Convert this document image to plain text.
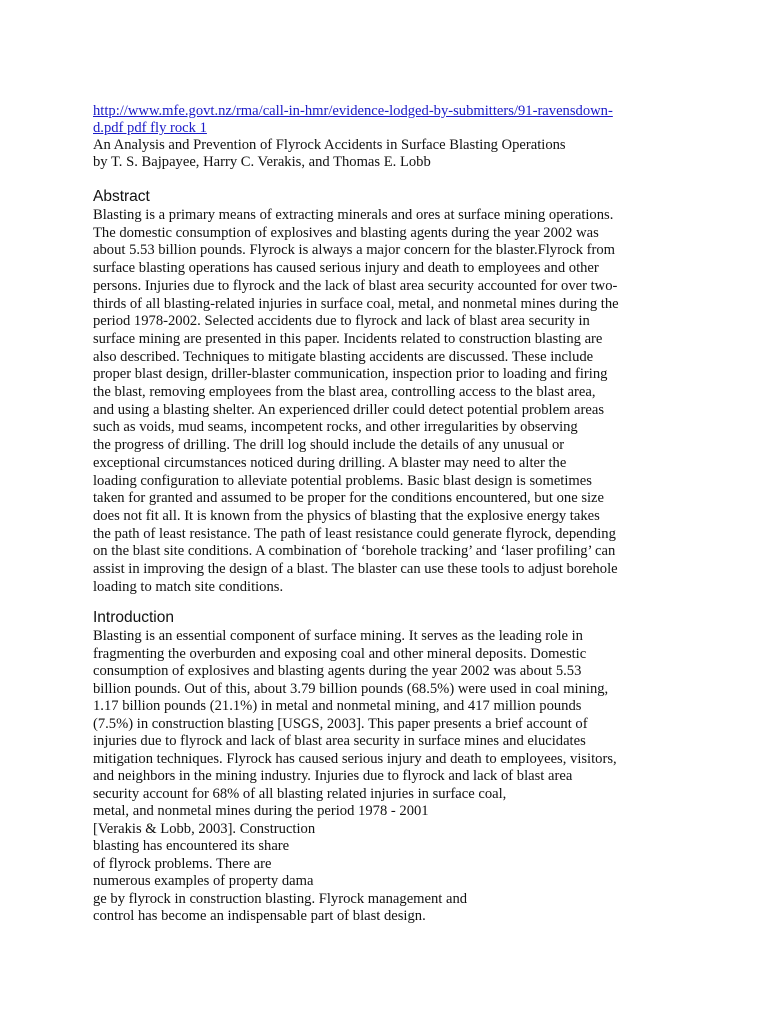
http://www.mfe.govt.nz/rma/call-in-hmr/evidence-lodged-by-submitters/91-ravensdown-
d.pdf pdf fly rock 1
An Analysis and Prevention of Flyrock Accidents in Surface Blasting Operations
by T. S. Bajpayee, Harry C. Verakis, and Thomas E. Lobb
Abstract
Blasting is a primary means of extracting minerals and ores at surface mining operations.
The domestic consumption of explosives and blasting agents during the year 2002 was
about 5.53 billion pounds. Flyrock is always a major concern for the blaster.Flyrock from
surface blasting operations has caused serious injury and death to employees and other
persons. Injuries due to flyrock and the lack of blast area security accounted for over two-
thirds of all blasting-related injuries in surface coal, metal, and nonmetal mines during the
period 1978-2002. Selected accidents due to flyrock and lack of blast area security in
surface mining are presented in this paper. Incidents related to construction blasting are
also described. Techniques to mitigate blasting accidents are discussed. These include
proper blast design, driller-blaster communication, inspection prior to loading and firing
the blast, removing employees from the blast area, controlling access to the blast area,
and using a blasting shelter. An experienced driller could detect potential problem areas
such as voids, mud seams, incompetent rocks, and other irregularities by observing
the progress of drilling. The drill log should include the details of any unusual or
exceptional circumstances noticed during drilling. A blaster may need to alter the
loading configuration to alleviate potential problems. Basic blast design is sometimes
taken for granted and assumed to be proper for the conditions encountered, but one size
does not fit all. It is known from the physics of blasting that the explosive energy takes
the path of least resistance. The path of least resistance could generate flyrock, depending
on the blast site conditions. A combination of ‘borehole tracking’ and ‘laser profiling’ can
assist in improving the design of a blast. The blaster can use these tools to adjust borehole
loading to match site conditions.
Introduction
Blasting is an essential component of surface mining. It serves as the leading role in
fragmenting the overburden and exposing coal and other mineral deposits. Domestic
consumption of explosives and blasting agents during the year 2002 was about 5.53
billion pounds. Out of this, about 3.79 billion pounds (68.5%) were used in coal mining,
1.17 billion pounds (21.1%) in metal and nonmetal mining, and 417 million pounds
(7.5%) in construction blasting [USGS, 2003]. This paper presents a brief account of
injuries due to flyrock and lack of blast area security in surface mines and elucidates
mitigation techniques. Flyrock has caused serious injury and death to employees, visitors,
and neighbors in the mining industry. Injuries due to flyrock and lack of blast area
security account for 68% of all blasting related injuries in surface coal,
metal, and nonmetal mines during the period 1978 - 2001
[Verakis & Lobb, 2003]. Construction
blasting has encountered its share
of flyrock problems. There are
numerous examples of property dama
ge by flyrock in construction blasting. Flyrock management and
control has become an indispensable part of blast design.
